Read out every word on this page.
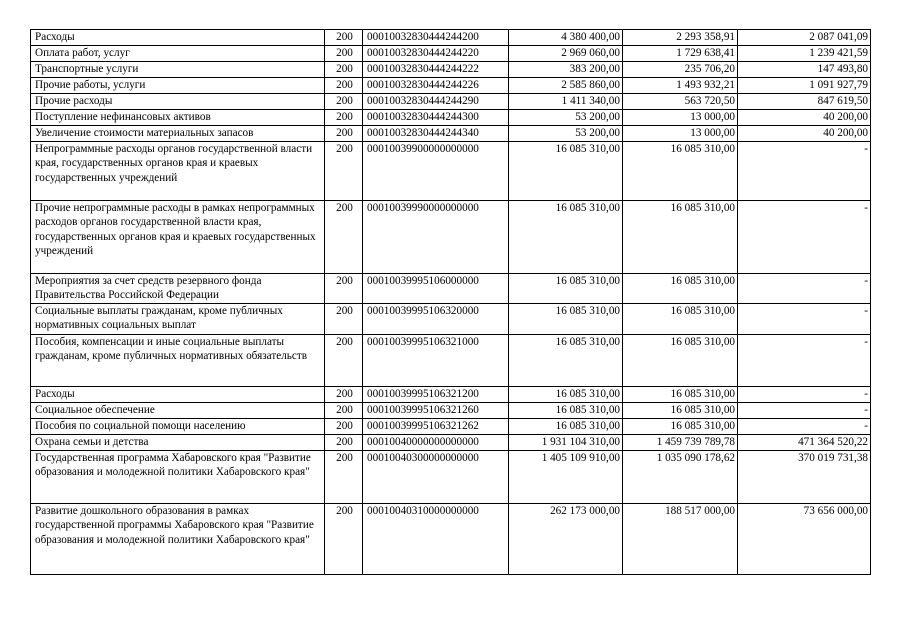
Расходы	200	00010032830444244200	4 380 400,00	2 293 358,91	2 087 041,09
Оплата работ, услуг	200	00010032830444244220	2 969 060,00	1 729 638,41	1 239 421,59
Транспортные услуги	200	00010032830444244222	383 200,00	235 706,20	147 493,80
Прочие работы, услуги	200	00010032830444244226	2 585 860,00	1 493 932,21	1 091 927,79
Прочие расходы	200	00010032830444244290	1 411 340,00	563 720,50	847 619,50
Поступление нефинансовых активов	200	00010032830444244300	53 200,00	13 000,00	40 200,00
Увеличение стоимости материальных запасов	200	00010032830444244340	53 200,00	13 000,00	40 200,00
Непрограммные расходы органов государственной власти края, государственных органов края и краевых государственных учреждений	200	00010039900000000000	16 085 310,00	16 085 310,00	-
Прочие непрограммные расходы в рамках непрограммных расходов органов государственной власти края, государственных органов края и краевых государственных учреждений	200	00010039990000000000	16 085 310,00	16 085 310,00	-
Мероприятия за счет средств резервного фонда Правительства Российской Федерации	200	00010039995106000000	16 085 310,00	16 085 310,00	-
Социальные выплаты гражданам, кроме публичных нормативных социальных выплат	200	00010039995106320000	16 085 310,00	16 085 310,00	-
Пособия, компенсации и иные социальные выплаты гражданам, кроме публичных нормативных обязательств	200	00010039995106321000	16 085 310,00	16 085 310,00	-
Расходы	200	00010039995106321200	16 085 310,00	16 085 310,00	-
Социальное обеспечение	200	00010039995106321260	16 085 310,00	16 085 310,00	-
Пособия по социальной помощи населению	200	00010039995106321262	16 085 310,00	16 085 310,00	-
Охрана семьи и детства	200	00010040000000000000	1 931 104 310,00	1 459 739 789,78	471 364 520,22
Государственная программа Хабаровского края "Развитие образования и молодежной политики Хабаровского края"	200	00010040300000000000	1 405 109 910,00	1 035 090 178,62	370 019 731,38
Развитие дошкольного образования в рамках государственной программы Хабаровского края "Развитие образования и молодежной политики Хабаровского края"	200	00010040310000000000	262 173 000,00	188 517 000,00	73 656 000,00
